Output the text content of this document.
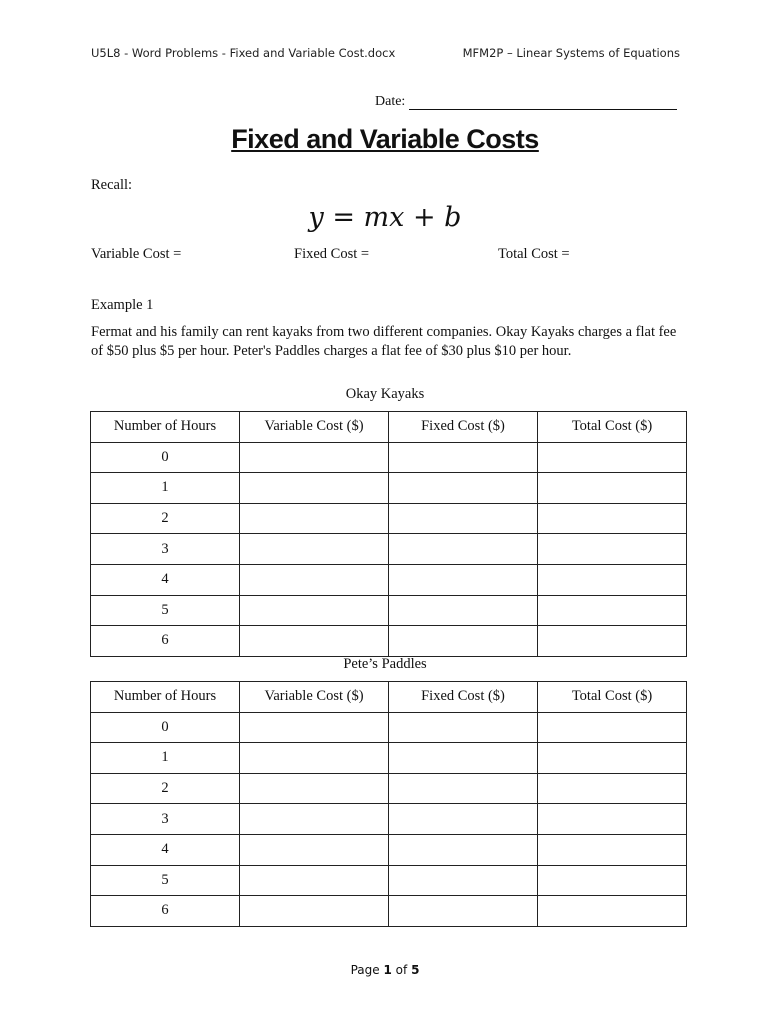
U5L8 - Word Problems - Fixed and Variable Cost.docx	MFM2P – Linear Systems of Equations
Date:
Fixed and Variable Costs
Recall:
y = mx + b
Variable Cost =	Fixed Cost =	Total Cost =
Example 1
Fermat and his family can rent kayaks from two different companies. Okay Kayaks charges a flat fee of $50 plus $5 per hour. Peter's Paddles charges a flat fee of $30 plus $10 per hour.
Okay Kayaks
Number of Hours	Variable Cost ($)	Fixed Cost ($)	Total Cost ($)
0			
1			
2			
3			
4			
5			
6			
Pete’s Paddles
Number of Hours	Variable Cost ($)	Fixed Cost ($)	Total Cost ($)
0			
1			
2			
3			
4			
5			
6			
Page 1 of 5
